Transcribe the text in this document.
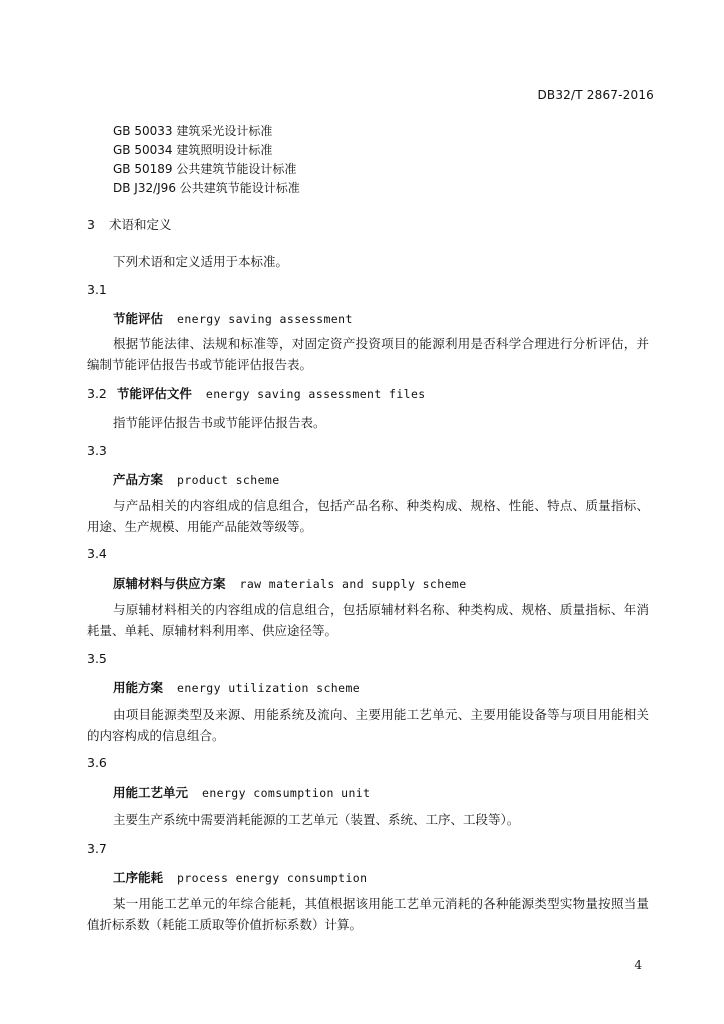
DB32/T 2867-2016
GB 50033 建筑采光设计标准
GB 50034 建筑照明设计标准
GB 50189 公共建筑节能设计标准
DB J32/J96 公共建筑节能设计标准
3 术语和定义
下列术语和定义适用于本标准。
3.1
节能评估 energy saving assessment
根据节能法律、法规和标准等，对固定资产投资项目的能源利用是否科学合理进行分析评估，并编制节能评估报告书或节能评估报告表。
3.2 节能评估文件 energy saving assessment files
指节能评估报告书或节能评估报告表。
3.3
产品方案 product scheme
与产品相关的内容组成的信息组合，包括产品名称、种类构成、规格、性能、特点、质量指标、用途、生产规模、用能产品能效等级等。
3.4
原辅材料与供应方案 raw materials and supply scheme
与原辅材料相关的内容组成的信息组合，包括原辅材料名称、种类构成、规格、质量指标、年消耗量、单耗、原辅材料利用率、供应途径等。
3.5
用能方案 energy utilization scheme
由项目能源类型及来源、用能系统及流向、主要用能工艺单元、主要用能设备等与项目用能相关的内容构成的信息组合。
3.6
用能工艺单元 energy comsumption unit
主要生产系统中需要消耗能源的工艺单元（装置、系统、工序、工段等）。
3.7
工序能耗 process energy consumption
某一用能工艺单元的年综合能耗，其值根据该用能工艺单元消耗的各种能源类型实物量按照当量值折标系数（耗能工质取等价值折标系数）计算。
4
